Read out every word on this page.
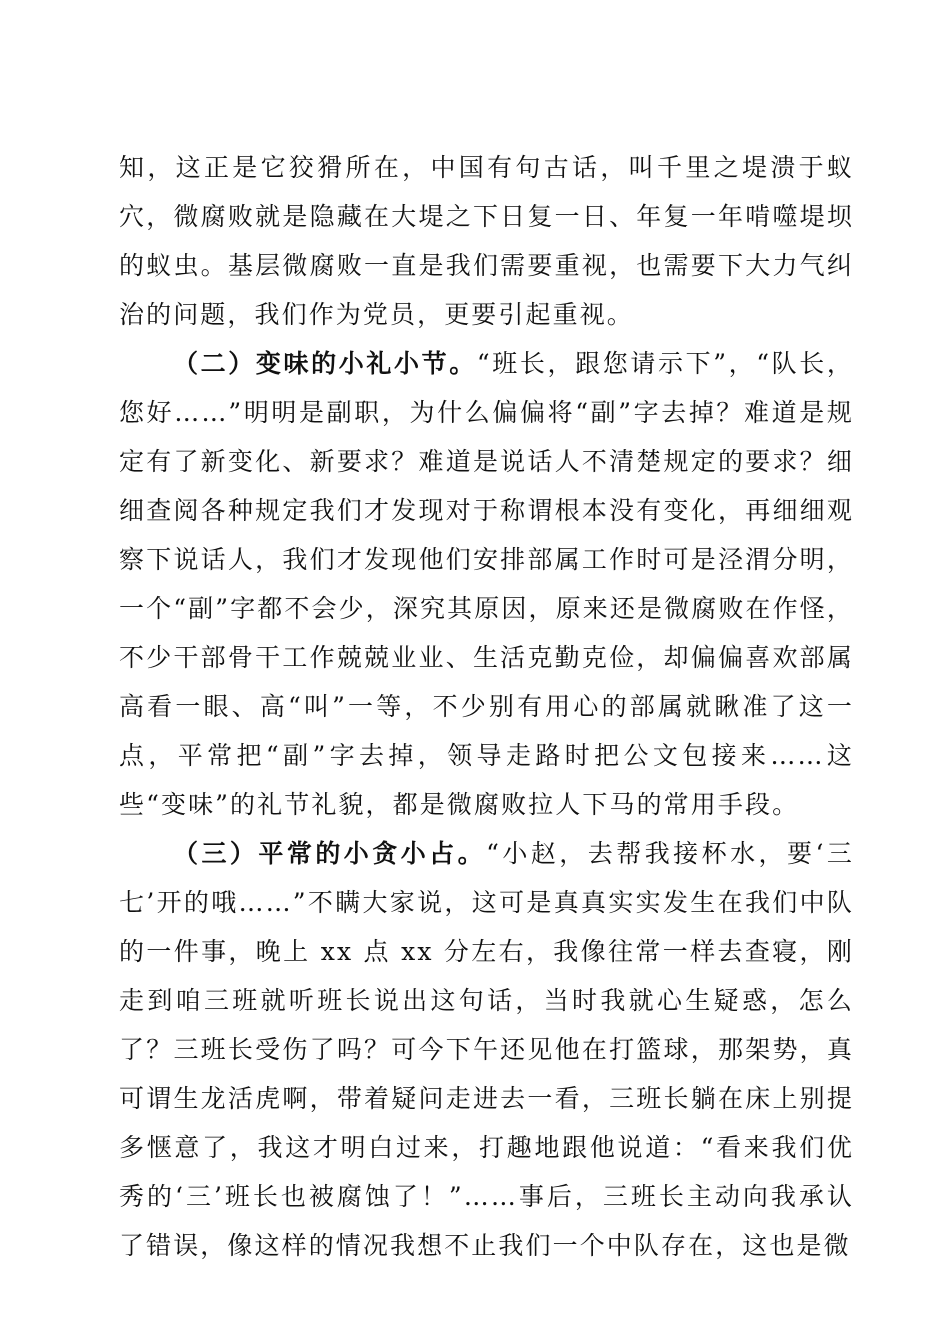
知，这正是它狡猾所在，中国有句古话，叫千里之堤溃于蚁穴，微腐败就是隐藏在大堤之下日复一日、年复一年啃噬堤坝的蚁虫。基层微腐败一直是我们需要重视，也需要下大力气纠治的问题，我们作为党员，更要引起重视。

（二）变味的小礼小节。“班长，跟您请示下”，“队长，您好……”明明是副职，为什么偏偏将“副”字去掉？难道是规定有了新变化、新要求？难道是说话人不清楚规定的要求？细细查阅各种规定我们才发现对于称谓根本没有变化，再细细观察下说话人，我们才发现他们安排部属工作时可是泾渭分明，一个“副”字都不会少，深究其原因，原来还是微腐败在作怪，不少干部骨干工作兢兢业业、生活克勤克俭，却偏偏喜欢部属高看一眼、高“叫”一等，不少别有用心的部属就瞅准了这一点，平常把“副”字去掉，领导走路时把公文包接来……这些“变味”的礼节礼貌，都是微腐败拉人下马的常用手段。

（三）平常的小贪小占。“小赵，去帮我接杯水，要‘三七’开的哦……”不瞒大家说，这可是真真实实发生在我们中队的一件事，晚上 xx 点 xx 分左右，我像往常一样去查寝，刚走到咱三班就听班长说出这句话，当时我就心生疑惑，怎么了？三班长受伤了吗？可今下午还见他在打篮球，那架势，真可谓生龙活虎啊，带着疑问走进去一看，三班长躺在床上别提多惬意了，我这才明白过来，打趣地跟他说道：“看来我们优秀的‘三’班长也被腐蚀了！”……事后，三班长主动向我承认了错误，像这样的情况我想不止我们一个中队存在，这也是微
